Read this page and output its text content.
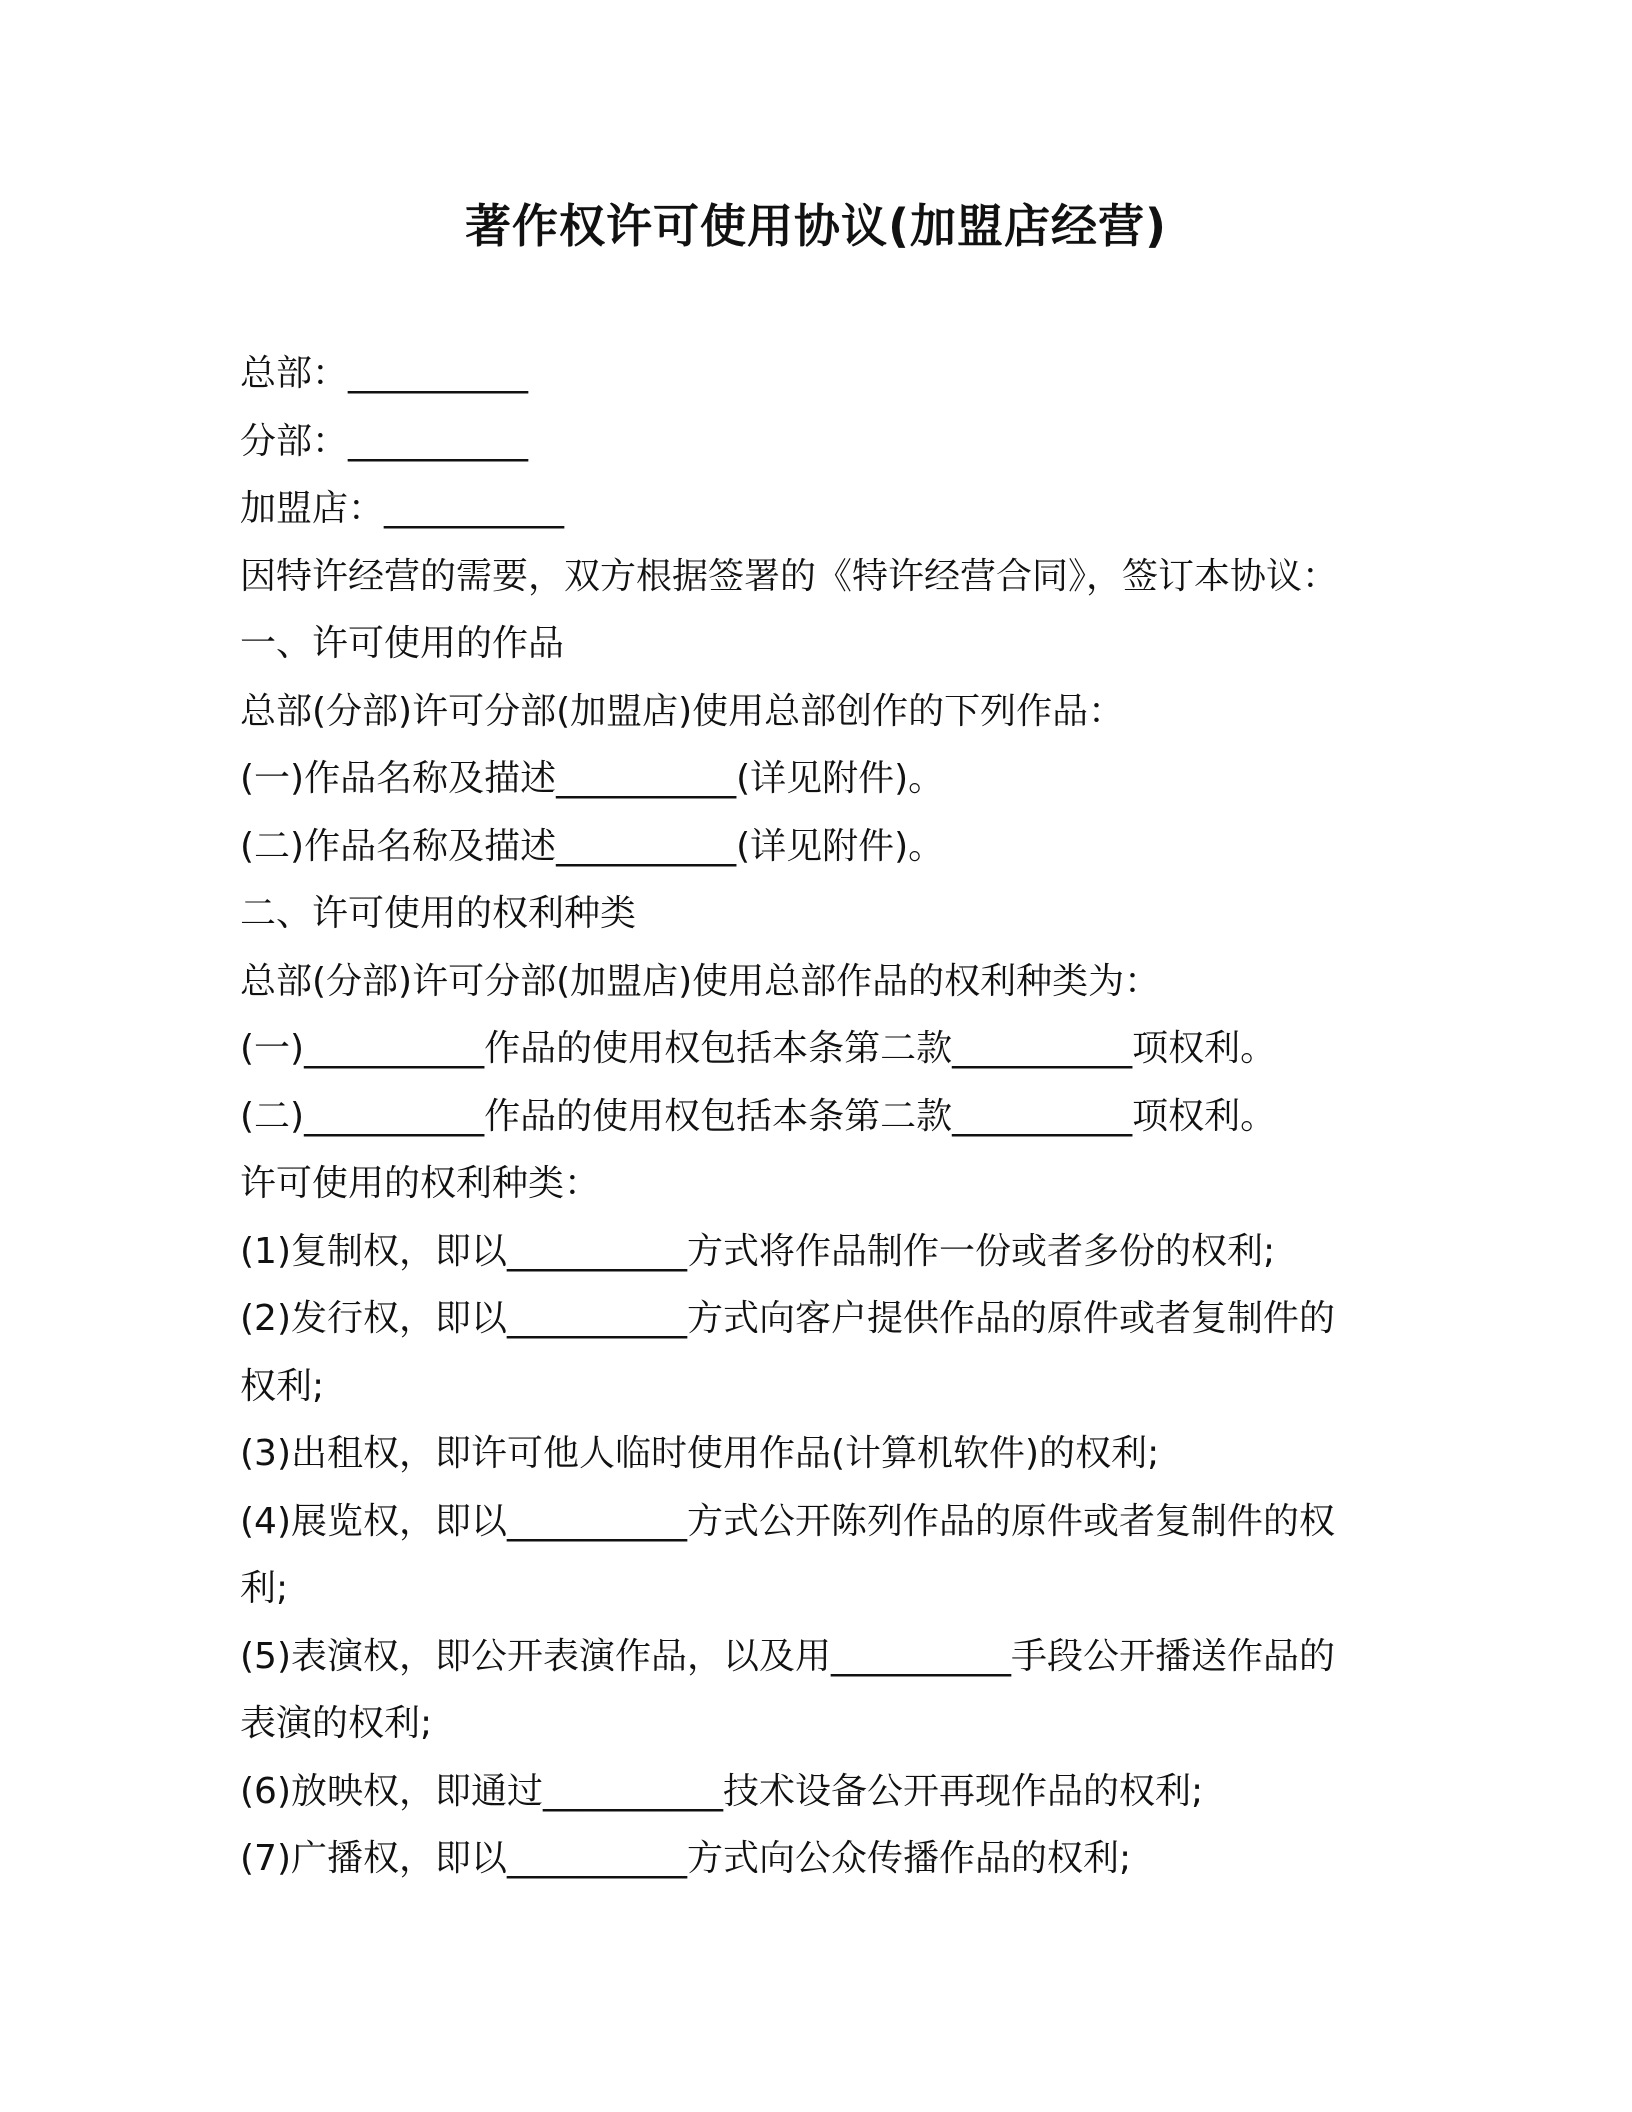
著作权许可使用协议(加盟店经营)

总部：__________

分部：__________

加盟店：__________

因特许经营的需要，双方根据签署的《特许经营合同》，签订本协议：

一、许可使用的作品

总部(分部)许可分部(加盟店)使用总部创作的下列作品：

(一)作品名称及描述__________(详见附件)。

(二)作品名称及描述__________(详见附件)。

二、许可使用的权利种类

总部(分部)许可分部(加盟店)使用总部作品的权利种类为：

(一)__________作品的使用权包括本条第二款__________项权利。

(二)__________作品的使用权包括本条第二款__________项权利。

许可使用的权利种类：

(1)复制权，即以__________方式将作品制作一份或者多份的权利;

(2)发行权，即以__________方式向客户提供作品的原件或者复制件的

权利;

(3)出租权，即许可他人临时使用作品(计算机软件)的权利;

(4)展览权，即以__________方式公开陈列作品的原件或者复制件的权

利;

(5)表演权，即公开表演作品，以及用__________手段公开播送作品的

表演的权利;

(6)放映权，即通过__________技术设备公开再现作品的权利;

(7)广播权，即以__________方式向公众传播作品的权利;
